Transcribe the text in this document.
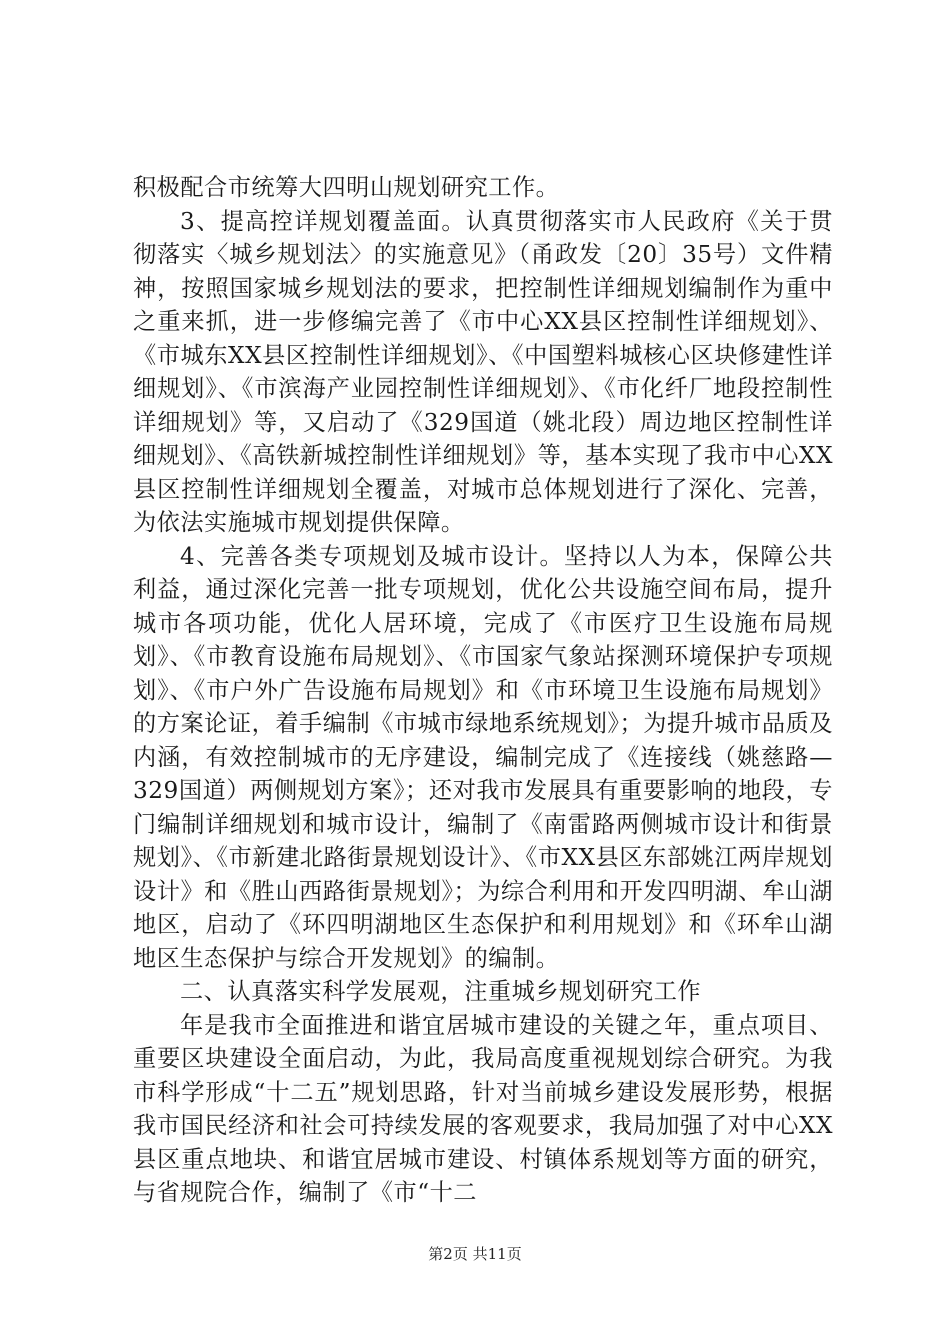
积极配合市统筹大四明山规划研究工作。

3、提高控详规划覆盖面。认真贯彻落实市人民政府《关于贯彻落实〈城乡规划法〉的实施意见》（甬政发〔20〕35号）文件精神，按照国家城乡规划法的要求，把控制性详细规划编制作为重中之重来抓，进一步修编完善了《市中心XX县区控制性详细规划》、《市城东XX县区控制性详细规划》、《中国塑料城核心区块修建性详细规划》、《市滨海产业园控制性详细规划》、《市化纤厂地段控制性详细规划》等，又启动了《329国道（姚北段）周边地区控制性详细规划》、《高铁新城控制性详细规划》等，基本实现了我市中心XX县区控制性详细规划全覆盖，对城市总体规划进行了深化、完善，为依法实施城市规划提供保障。

4、完善各类专项规划及城市设计。坚持以人为本，保障公共利益，通过深化完善一批专项规划，优化公共设施空间布局，提升城市各项功能，优化人居环境，完成了《市医疗卫生设施布局规划》、《市教育设施布局规划》、《市国家气象站探测环境保护专项规划》、《市户外广告设施布局规划》和《市环境卫生设施布局规划》的方案论证，着手编制《市城市绿地系统规划》；为提升城市品质及内涵，有效控制城市的无序建设，编制完成了《连接线（姚慈路—329国道）两侧规划方案》；还对我市发展具有重要影响的地段，专门编制详细规划和城市设计，编制了《南雷路两侧城市设计和街景规划》、《市新建北路街景规划设计》、《市XX县区东部姚江两岸规划设计》和《胜山西路街景规划》；为综合利用和开发四明湖、牟山湖地区，启动了《环四明湖地区生态保护和利用规划》和《环牟山湖地区生态保护与综合开发规划》的编制。

二、认真落实科学发展观，注重城乡规划研究工作

年是我市全面推进和谐宜居城市建设的关键之年，重点项目、重要区块建设全面启动，为此，我局高度重视规划综合研究。为我市科学形成“十二五”规划思路，针对当前城乡建设发展形势，根据我市国民经济和社会可持续发展的客观要求，我局加强了对中心XX县区重点地块、和谐宜居城市建设、村镇体系规划等方面的研究，与省规院合作，编制了《市“十二

第2页 共11页
